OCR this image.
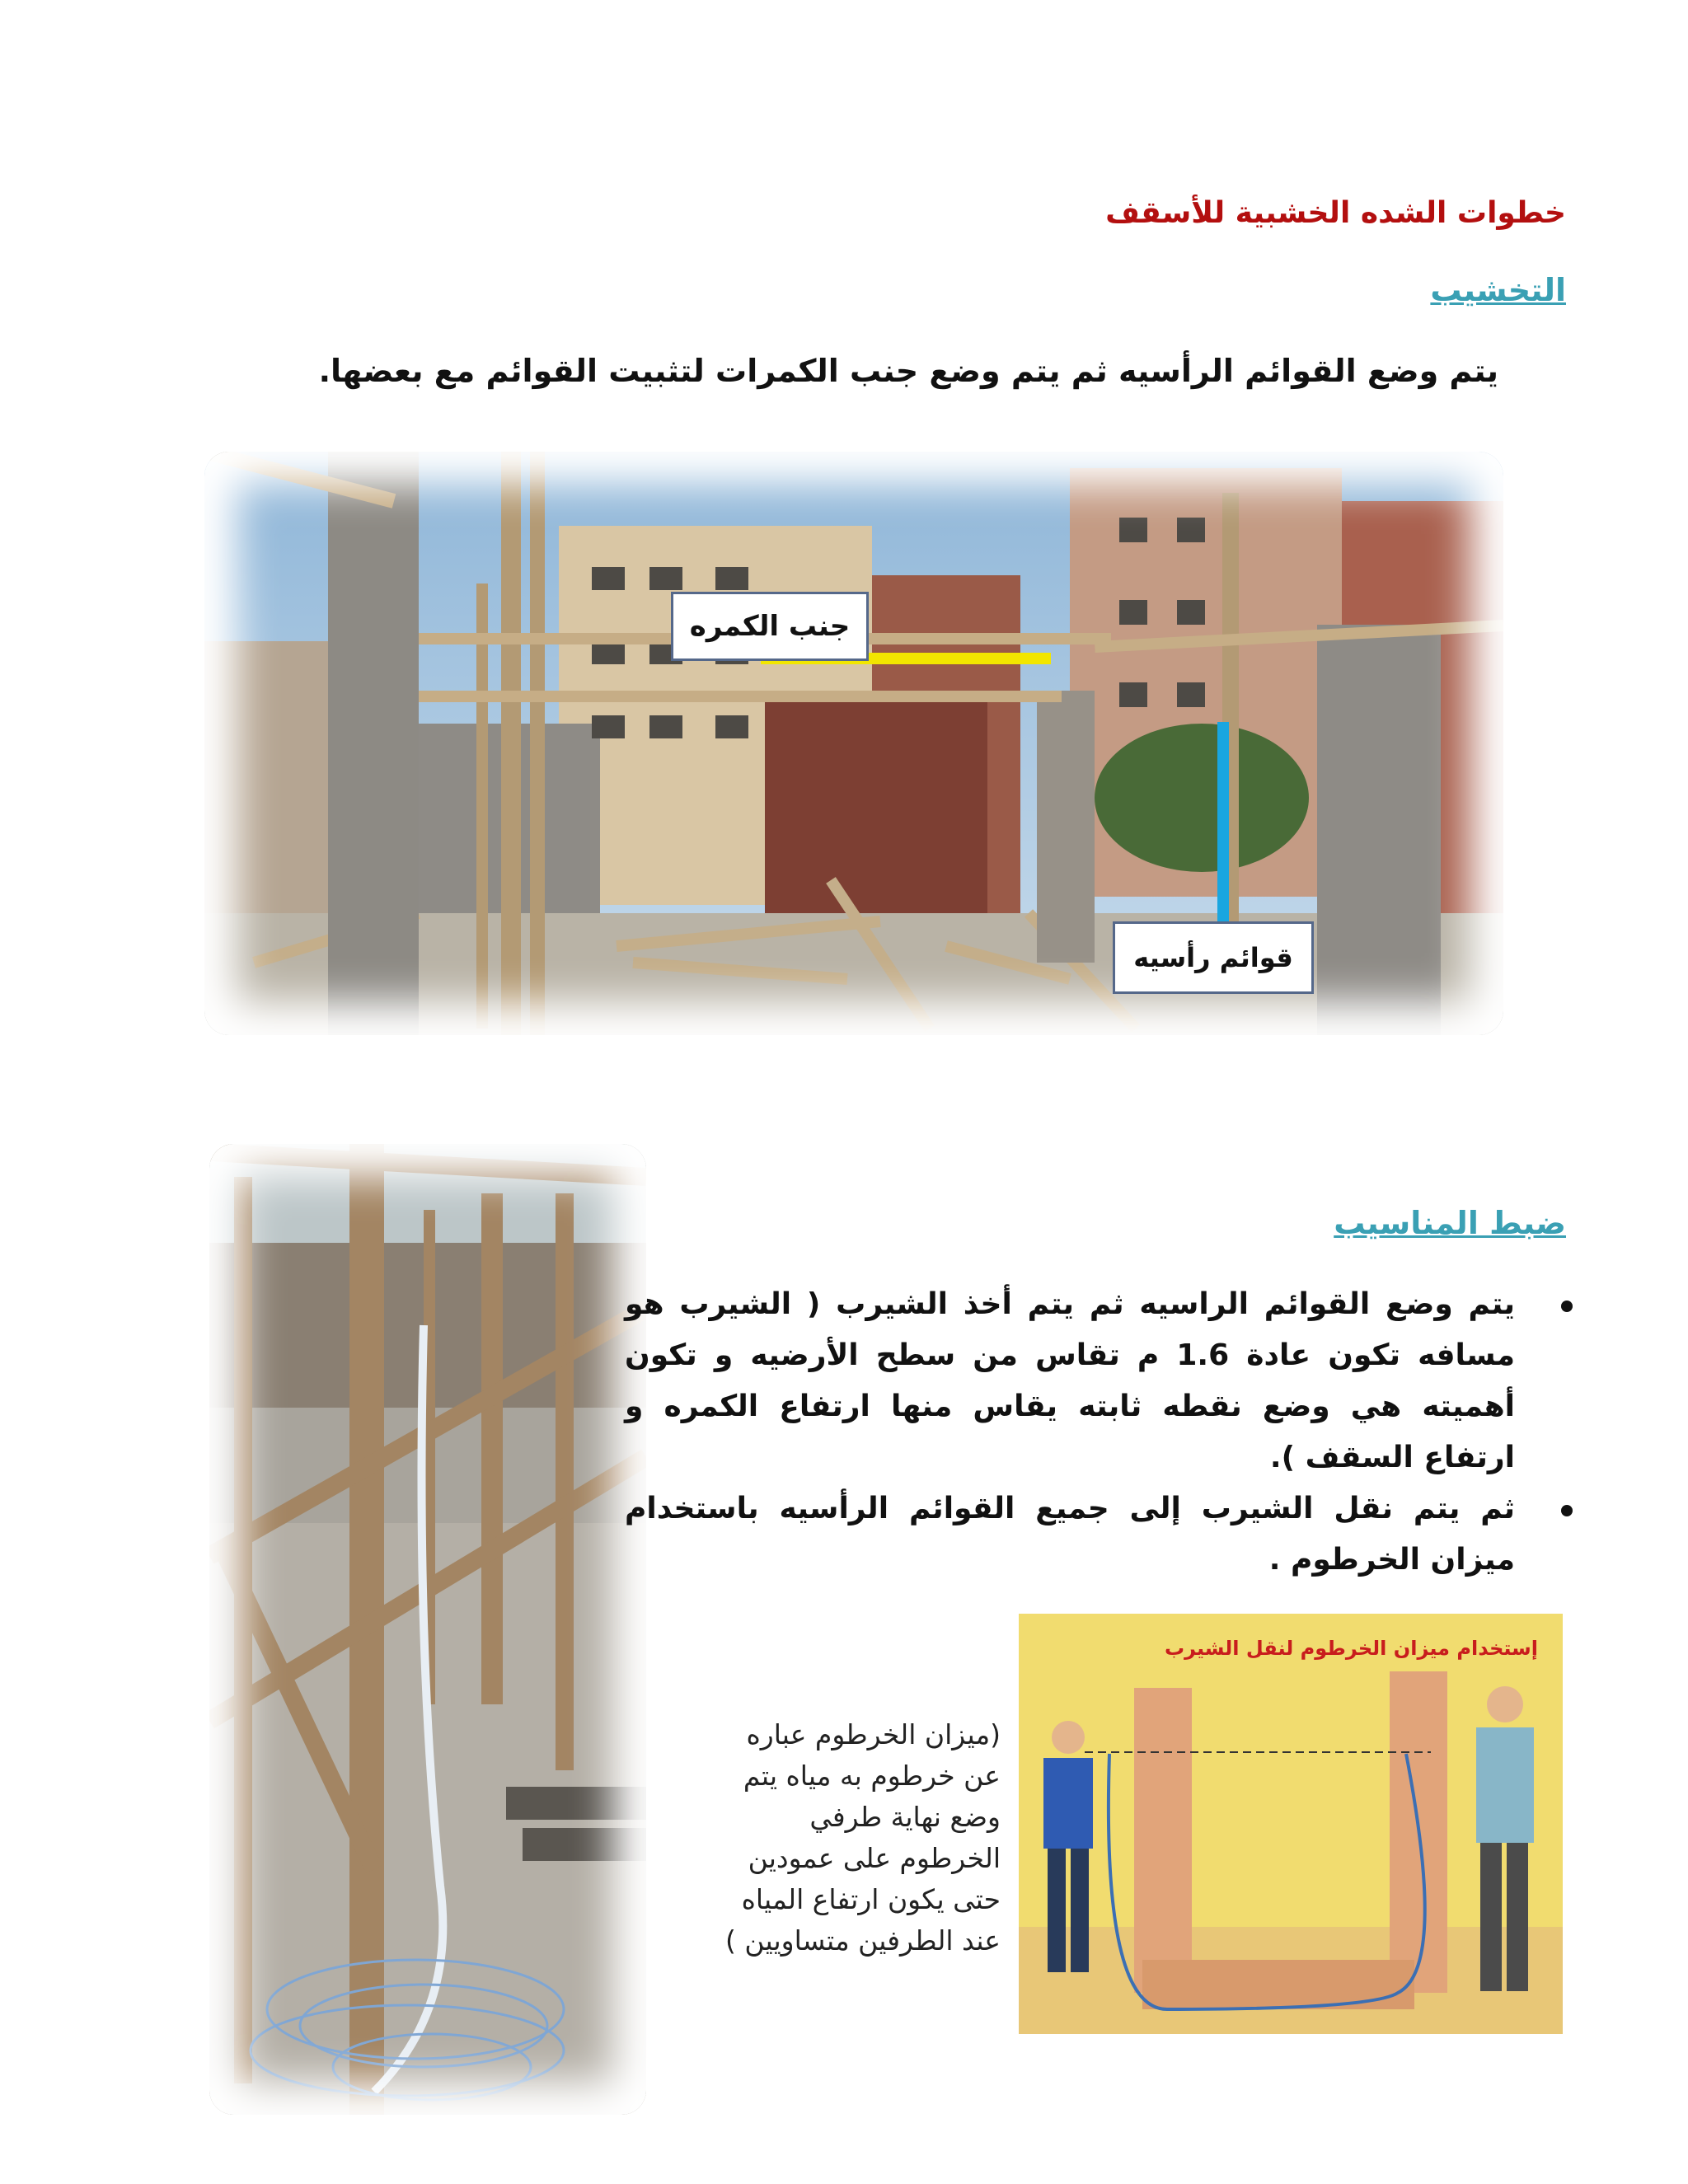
خطوات الشده الخشبية للأسقف
التخشيب
يتم وضع القوائم الرأسيه ثم يتم وضع جنب الكمرات لتثبيت القوائم مع بعضها.
جنب الكمره
قوائم رأسيه
ضبط المناسيب
يتم وضع القوائم الراسيه ثم يتم أخذ الشيرب ( الشيرب هو مسافه تكون عادة 1.6 م تقاس من سطح الأرضيه و تكون أهميته هي وضع نقطه ثابته يقاس منها ارتفاع الكمره و ارتفاع السقف ).
ثم يتم نقل الشيرب إلى جميع القوائم الرأسيه باستخدام ميزان الخرطوم .
إستخدام ميزان الخرطوم لنقل الشيرب
(ميزان الخرطوم عباره عن خرطوم به مياه يتم وضع نهاية طرفي الخرطوم على عمودين حتى يكون ارتفاع المياه عند الطرفين متساويين )
